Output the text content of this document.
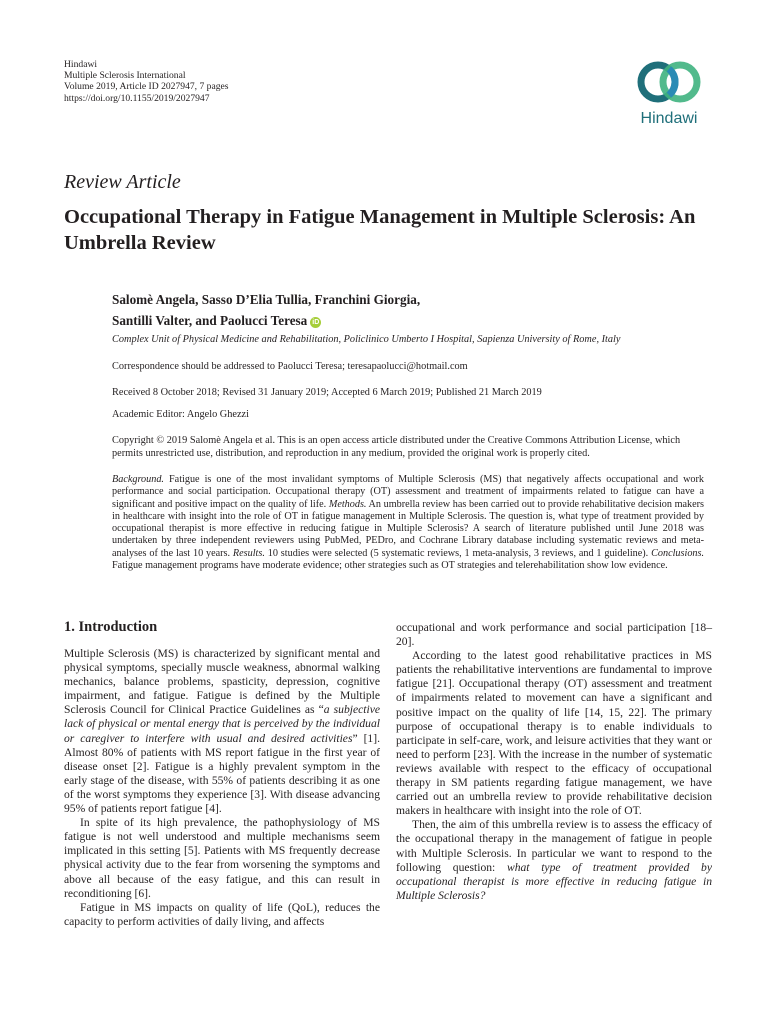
Hindawi
Multiple Sclerosis International
Volume 2019, Article ID 2027947, 7 pages
https://doi.org/10.1155/2019/2027947
Hindawi
Review Article
Occupational Therapy in Fatigue Management in Multiple Sclerosis: An Umbrella Review
Salomè Angela, Sasso D’Elia Tullia, Franchini Giorgia,
Santilli Valter, and Paolucci Teresa iD
Complex Unit of Physical Medicine and Rehabilitation, Policlinico Umberto I Hospital, Sapienza University of Rome, Italy
Correspondence should be addressed to Paolucci Teresa; teresapaolucci@hotmail.com
Received 8 October 2018; Revised 31 January 2019; Accepted 6 March 2019; Published 21 March 2019
Academic Editor: Angelo Ghezzi
Copyright © 2019 Salomè Angela et al. This is an open access article distributed under the Creative Commons Attribution License, which permits unrestricted use, distribution, and reproduction in any medium, provided the original work is properly cited.
Background. Fatigue is one of the most invalidant symptoms of Multiple Sclerosis (MS) that negatively affects occupational and work performance and social participation. Occupational therapy (OT) assessment and treatment of impairments related to fatigue can have a significant and positive impact on the quality of life. Methods. An umbrella review has been carried out to provide rehabilitative decision makers in healthcare with insight into the role of OT in fatigue management in Multiple Sclerosis. The question is, what type of treatment provided by occupational therapist is more effective in reducing fatigue in Multiple Sclerosis? A search of literature published until June 2018 was undertaken by three independent reviewers using PubMed, PEDro, and Cochrane Library database including systematic reviews and meta-analyses of the last 10 years. Results. 10 studies were selected (5 systematic reviews, 1 meta-analysis, 3 reviews, and 1 guideline). Conclusions. Fatigue management programs have moderate evidence; other strategies such as OT strategies and telerehabilitation show low evidence.
1. Introduction

Multiple Sclerosis (MS) is characterized by significant mental and physical symptoms, specially muscle weakness, abnormal walking mechanics, balance problems, spasticity, depression, cognitive impairment, and fatigue. Fatigue is defined by the Multiple Sclerosis Council for Clinical Practice Guidelines as “a subjective lack of physical or mental energy that is perceived by the individual or caregiver to interfere with usual and desired activities” [1]. Almost 80% of patients with MS report fatigue in the first year of disease onset [2]. Fatigue is a highly prevalent symptom in the early stage of the disease, with 55% of patients describing it as one of the worst symptoms they experience [3]. With disease advancing 95% of patients report fatigue [4].

In spite of its high prevalence, the pathophysiology of MS fatigue is not well understood and multiple mechanisms seem implicated in this setting [5]. Patients with MS frequently decrease physical activity due to the fear from worsening the symptoms and above all because of the easy fatigue, and this can result in reconditioning [6].

Fatigue in MS impacts on quality of life (QoL), reduces the capacity to perform activities of daily living, and affects

occupational and work performance and social participation [18–20].

According to the latest good rehabilitative practices in MS patients the rehabilitative interventions are fundamental to improve fatigue [21]. Occupational therapy (OT) assessment and treatment of impairments related to movement can have a significant and positive impact on the quality of life [14, 15, 22]. The primary purpose of occupational therapy is to enable individuals to participate in self-care, work, and leisure activities that they want or need to perform [23]. With the increase in the number of systematic reviews available with respect to the efficacy of occupational therapy in SM patients regarding fatigue management, we have carried out an umbrella review to provide rehabilitative decision makers in healthcare with insight into the role of OT.

Then, the aim of this umbrella review is to assess the efficacy of the occupational therapy in the management of fatigue in people with Multiple Sclerosis. In particular we want to respond to the following question: what type of treatment provided by occupational therapist is more effective in reducing fatigue in Multiple Sclerosis?
